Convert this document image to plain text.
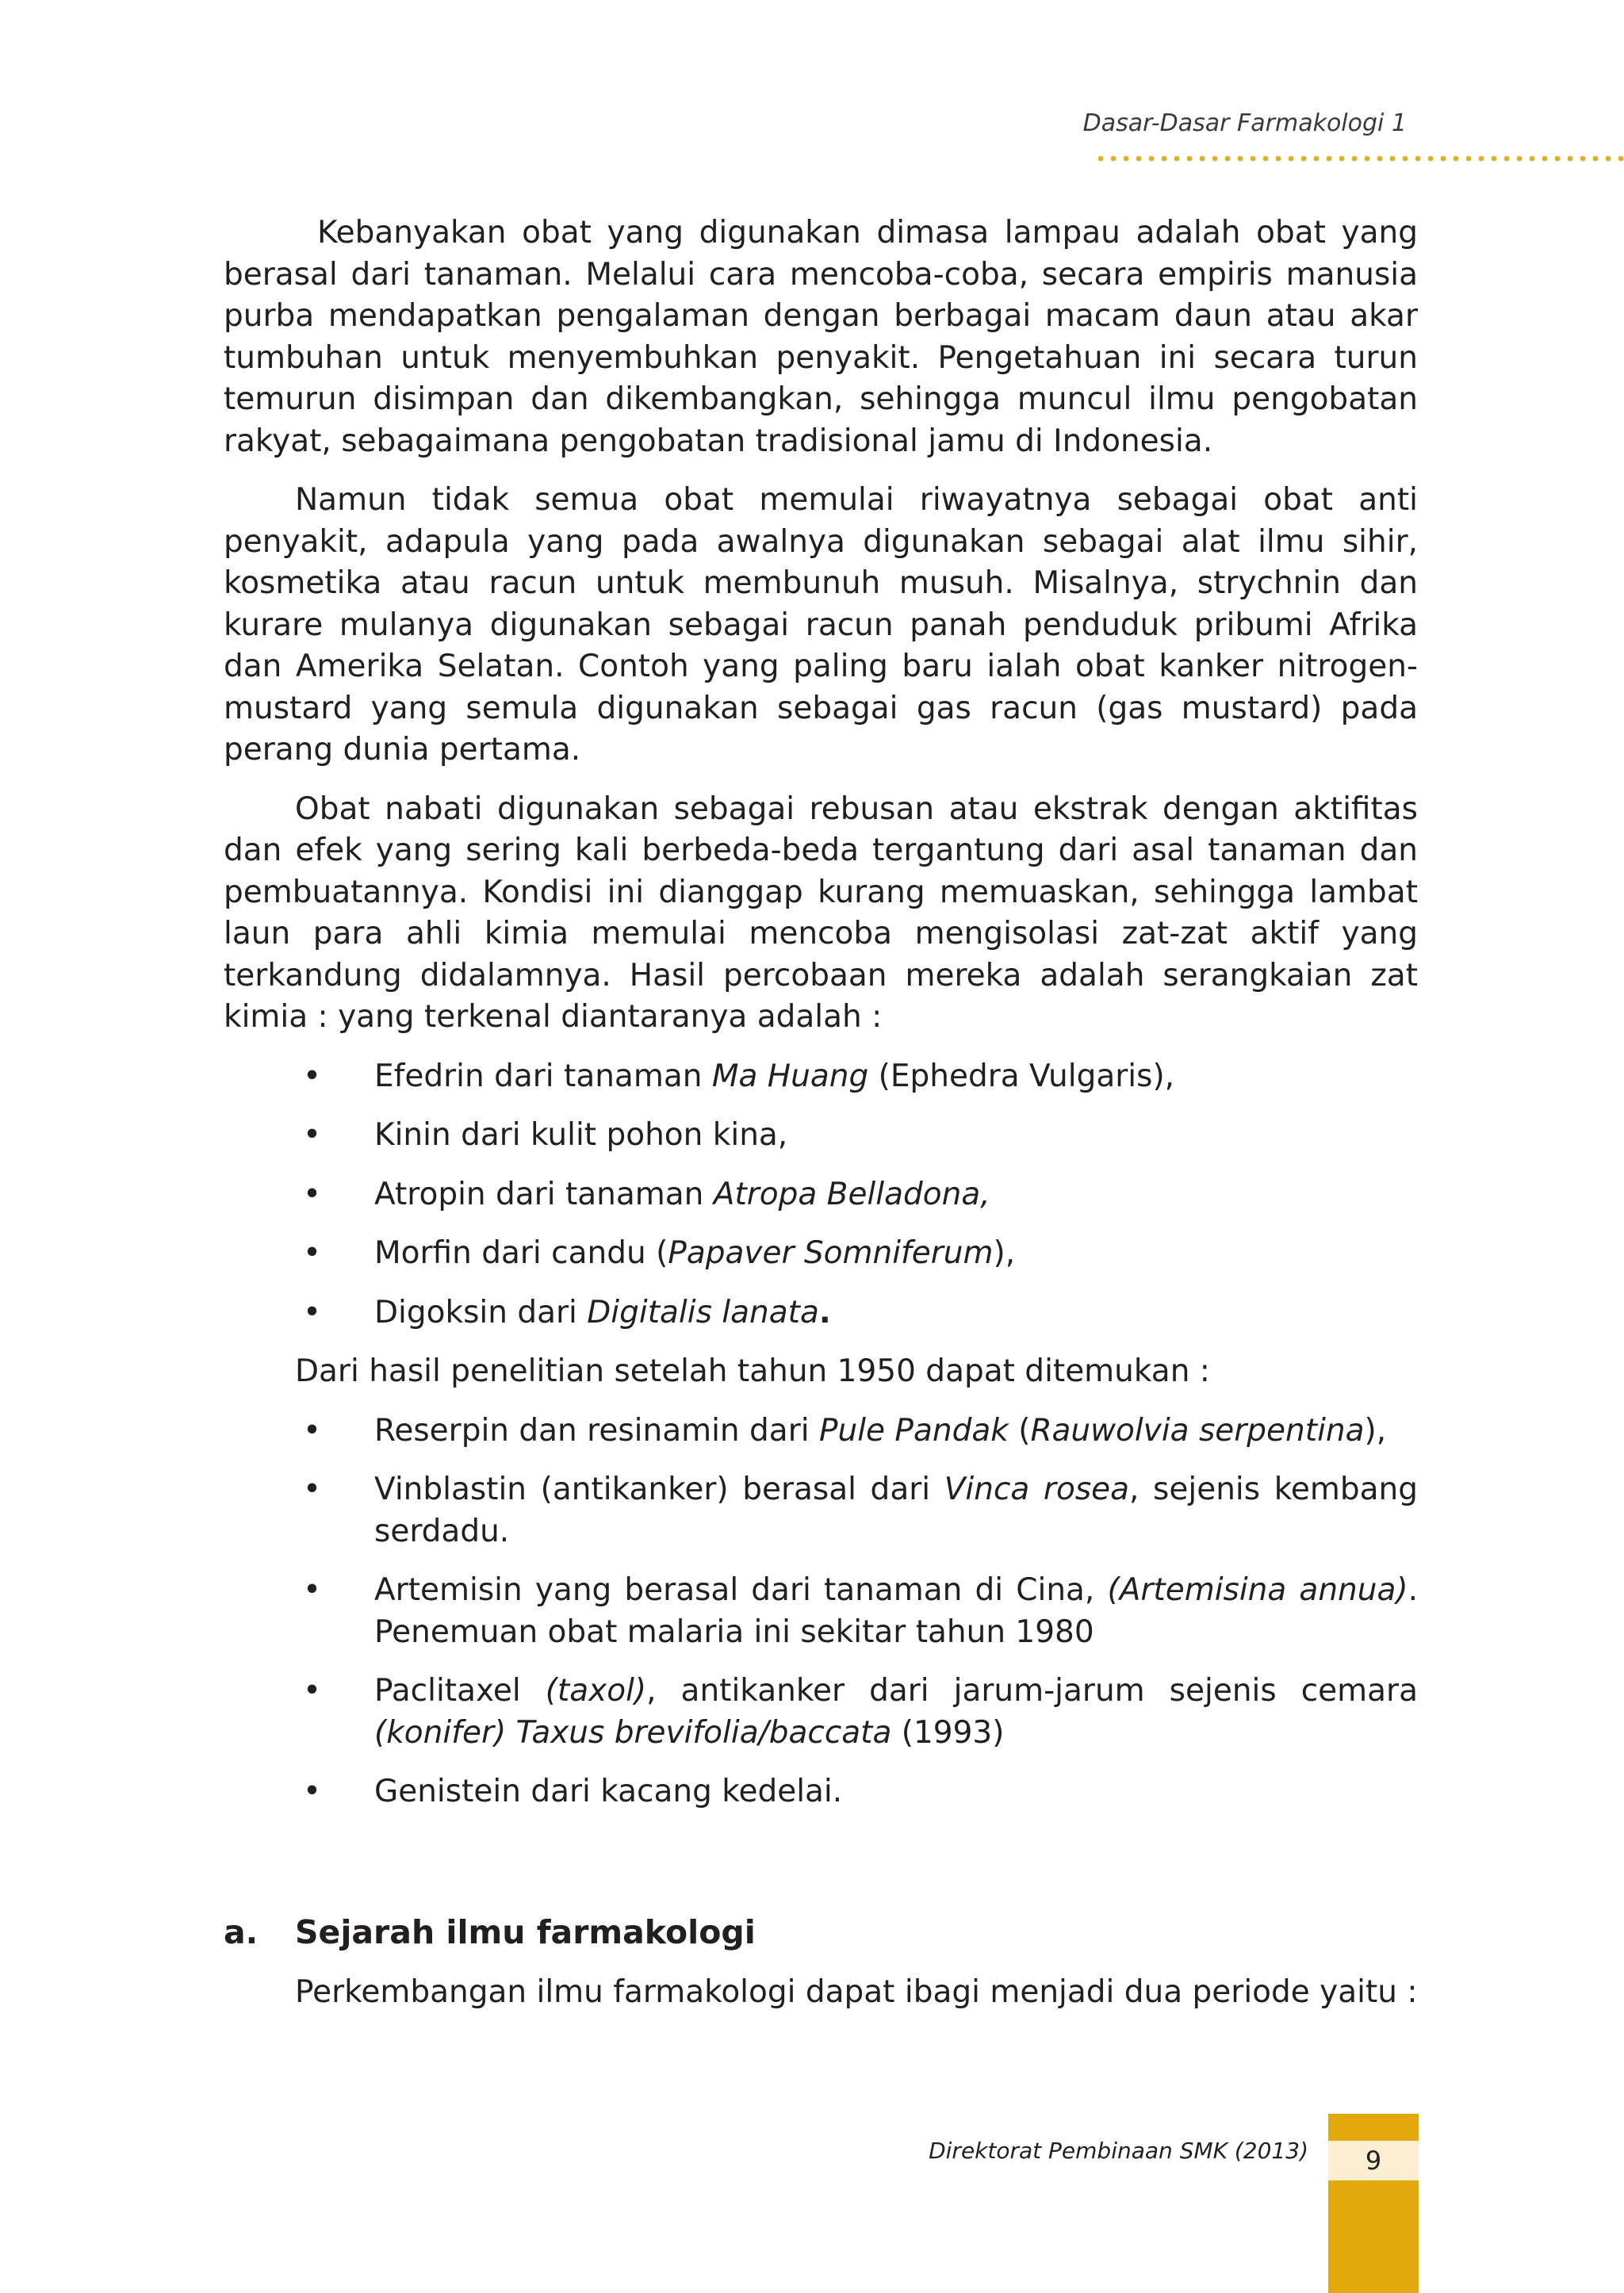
Dasar-Dasar Farmakologi 1

Kebanyakan obat yang digunakan dimasa lampau adalah obat yang berasal dari tanaman. Melalui cara mencoba-coba, secara empiris manusia purba mendapatkan pengalaman dengan berbagai macam daun atau akar tumbuhan untuk menyembuhkan penyakit. Pengetahuan ini secara turun temurun disimpan dan dikembangkan, sehingga muncul ilmu pengobatan rakyat, sebagaimana pengobatan tradisional jamu di Indonesia.

Namun tidak semua obat memulai riwayatnya sebagai obat anti penyakit, adapula yang pada awalnya digunakan sebagai alat ilmu sihir, kosmetika atau racun untuk membunuh musuh. Misalnya, strychnin dan kurare mulanya digunakan sebagai racun panah penduduk pribumi Afrika dan Amerika Selatan. Contoh yang paling baru ialah obat kanker nitrogen-mustard yang semula digunakan sebagai gas racun (gas mustard) pada perang dunia pertama.

Obat nabati digunakan sebagai rebusan atau ekstrak dengan aktifitas dan efek yang sering kali berbeda-beda tergantung dari asal tanaman dan pembuatannya. Kondisi ini dianggap kurang memuaskan, sehingga lambat laun para ahli kimia memulai mencoba mengisolasi zat-zat aktif yang terkandung didalamnya. Hasil percobaan mereka adalah serangkaian zat kimia : yang terkenal diantaranya adalah :

• Efedrin dari tanaman Ma Huang (Ephedra Vulgaris),
• Kinin dari kulit pohon kina,
• Atropin dari tanaman Atropa Belladona,
• Morfin dari candu (Papaver Somniferum),
• Digoksin dari Digitalis lanata.

Dari hasil penelitian setelah tahun 1950 dapat ditemukan :

• Reserpin dan resinamin dari Pule Pandak (Rauwolvia serpentina),
• Vinblastin (antikanker) berasal dari Vinca rosea, sejenis kembang serdadu.
• Artemisin yang berasal dari tanaman di Cina, (Artemisina annua). Penemuan obat malaria ini sekitar tahun 1980
• Paclitaxel (taxol), antikanker dari jarum-jarum sejenis cemara (konifer) Taxus brevifolia/baccata (1993)
• Genistein dari kacang kedelai.
a. Sejarah ilmu farmakologi

Perkembangan ilmu farmakologi dapat ibagi menjadi dua periode yaitu :

Direktorat Pembinaan SMK (2013)	9
